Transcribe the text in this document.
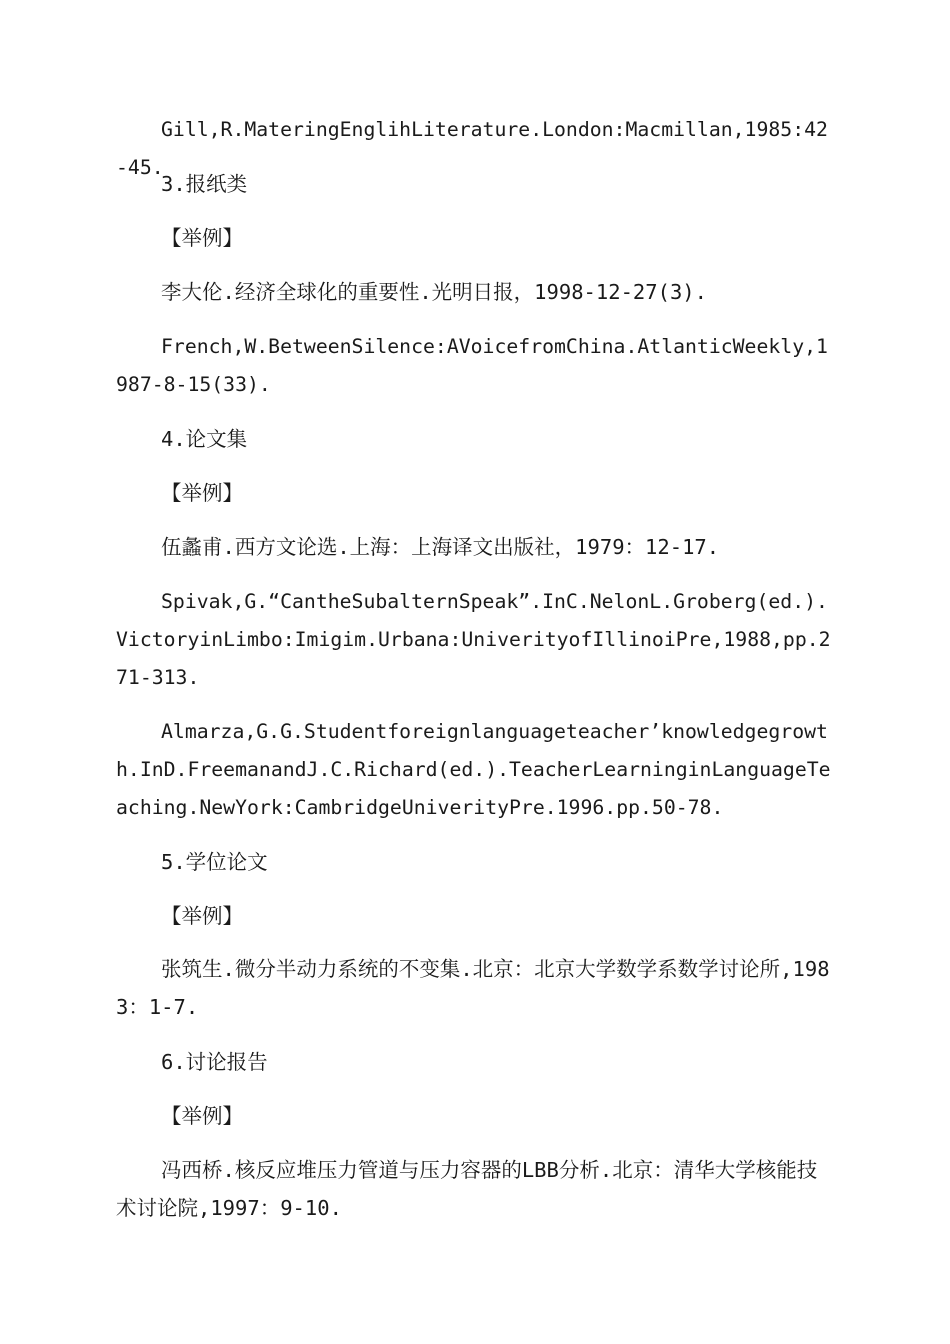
Gill,R.MateringEnglihLiterature.London:Macmillan,1985:42-45.
3.报纸类
【举例】
李大伦.经济全球化的重要性.光明日报，1998-12-27(3).
French,W.BetweenSilence:AVoicefromChina.AtlanticWeekly,1987-8-15(33).
4.论文集
【举例】
伍蠡甫.西方文论选.上海：上海译文出版社，1979：12-17.
Spivak,G.“CantheSubalternSpeak”.InC.NelonL.Groberg(ed.).VictoryinLimbo:Imigim.Urbana:UniverityofIllinoiPre,1988,pp.271-313.
Almarza,G.G.Studentforeignlanguageteacher’knowledgegrowth.InD.FreemanandJ.C.Richard(ed.).TeacherLearninginLanguageTeaching.NewYork:CambridgeUniverityPre.1996.pp.50-78.
5.学位论文
【举例】
张筑生.微分半动力系统的不变集.北京：北京大学数学系数学讨论所,1983：1-7.
6.讨论报告
【举例】
冯西桥.核反应堆压力管道与压力容器的LBB分析.北京：清华大学核能技术讨论院,1997：9-10.
